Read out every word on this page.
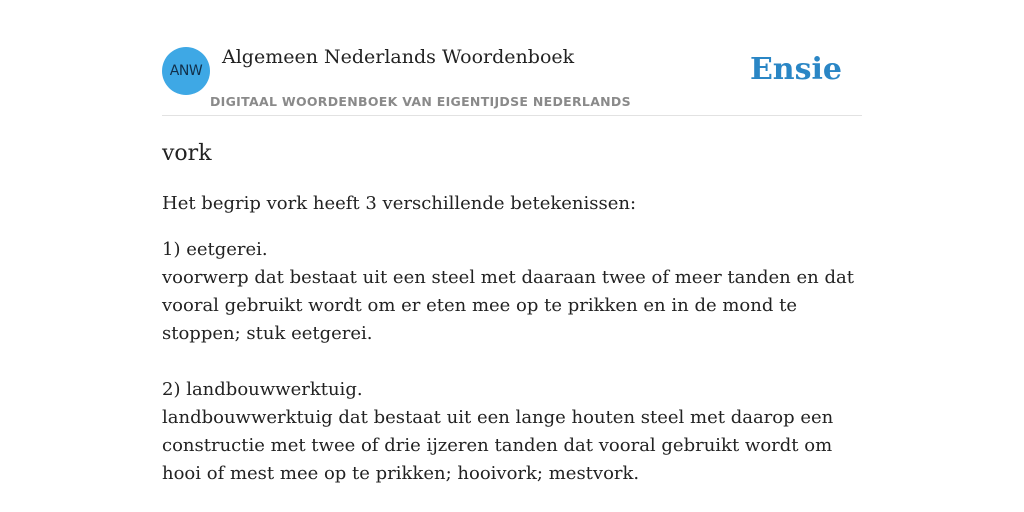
ANW
Algemeen Nederlands Woordenboek
DIGITAAL WOORDENBOEK VAN EIGENTIJDSE NEDERLANDS
Ensie
vork

Het begrip vork heeft 3 verschillende betekenissen:

1) eetgerei.

voorwerp dat bestaat uit een steel met daaraan twee of meer tanden en dat vooral gebruikt wordt om er eten mee op te prikken en in de mond te stoppen; stuk eetgerei.

2) landbouwwerktuig.

landbouwwerktuig dat bestaat uit een lange houten steel met daarop een constructie met twee of drie ijzeren tanden dat vooral gebruikt wordt om hooi of mest mee op te prikken; hooivork; mestvork.
